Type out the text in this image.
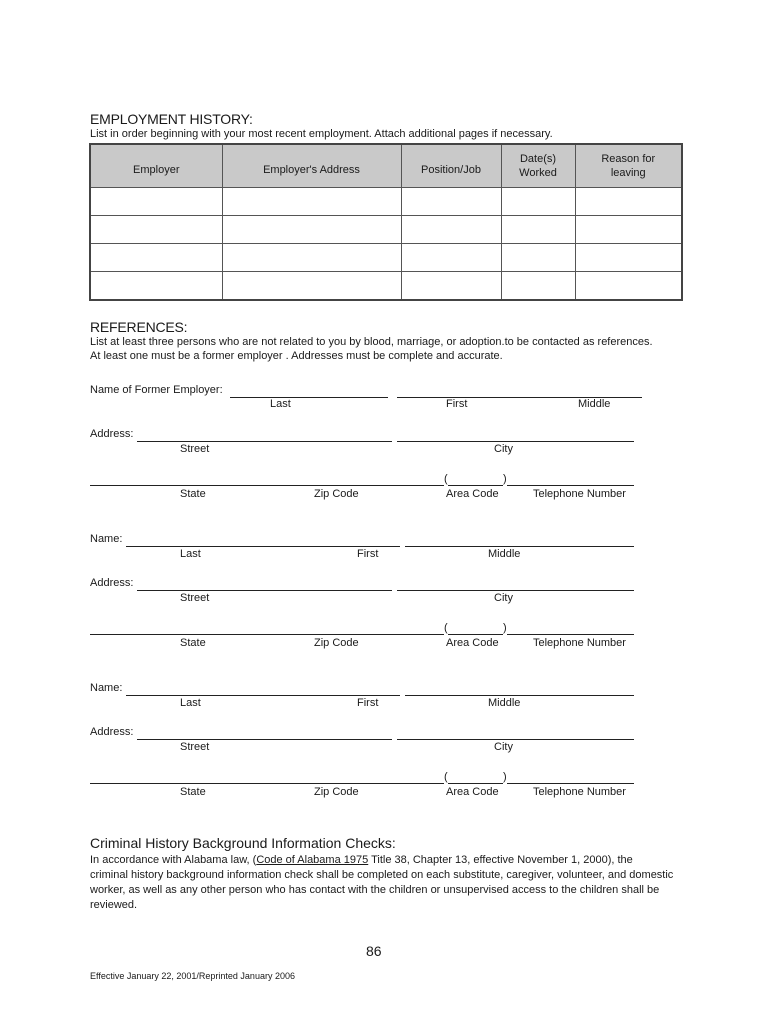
EMPLOYMENT HISTORY:
List in order beginning with your most recent employment. Attach additional pages if necessary.
Employer	Employer's Address	Position/Job	Date(s) Worked	Reason for leaving

REFERENCES:
List at least three persons who are not related to you by blood, marriage, or adoption.to be contacted as references.
At least one must be a former employer . Addresses must be complete and accurate.
Name of Former Employer:
Last	First	Middle
Address:
Street	City
(	)
State	Zip Code	Area Code	Telephone Number
Name:
Last	First	Middle
Address:
Street	City
(	)
State	Zip Code	Area Code	Telephone Number
Name:
Last	First	Middle
Address:
Street	City
(	)
State	Zip Code	Area Code	Telephone Number
Criminal History Background Information Checks:

In accordance with Alabama law, (Code of Alabama 1975 Title 38, Chapter 13, effective November 1, 2000), the

criminal history background information check shall be completed on each substitute, caregiver, volunteer, and domestic

worker, as well as any other person who has contact with the children or unsupervised access to the children shall be

reviewed.

86
Effective January 22, 2001/Reprinted January 2006
